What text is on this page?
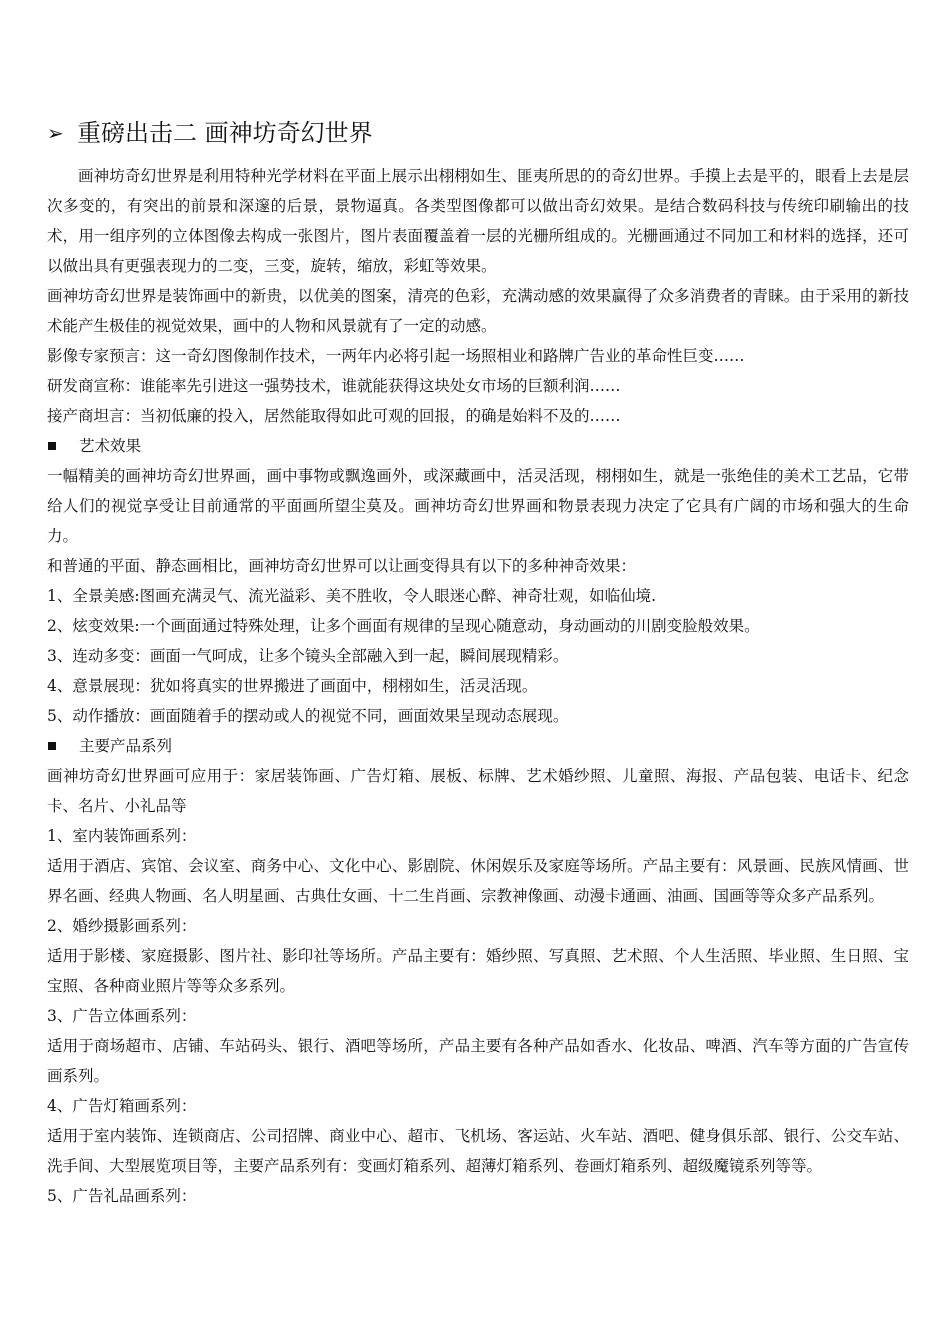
➢ 重磅出击二 画神坊奇幻世界

画神坊奇幻世界是利用特种光学材料在平面上展示出栩栩如生、匪夷所思的的奇幻世界。手摸上去是平的，眼看上去是层次多变的，有突出的前景和深邃的后景，景物逼真。各类型图像都可以做出奇幻效果。是结合数码科技与传统印刷输出的技术，用一组序列的立体图像去构成一张图片，图片表面覆盖着一层的光栅所组成的。光栅画通过不同加工和材料的选择，还可以做出具有更强表现力的二变，三变，旋转，缩放，彩虹等效果。

画神坊奇幻世界是装饰画中的新贵，以优美的图案，清亮的色彩，充满动感的效果赢得了众多消费者的青睐。由于采用的新技术能产生极佳的视觉效果，画中的人物和风景就有了一定的动感。

影像专家预言：这一奇幻图像制作技术，一两年内必将引起一场照相业和路牌广告业的革命性巨变……

研发商宣称：谁能率先引进这一强势技术，谁就能获得这块处女市场的巨额利润……

接产商坦言：当初低廉的投入，居然能取得如此可观的回报，的确是始料不及的……

艺术效果

一幅精美的画神坊奇幻世界画，画中事物或飘逸画外，或深藏画中，活灵活现，栩栩如生，就是一张绝佳的美术工艺品，它带给人们的视觉享受让目前通常的平面画所望尘莫及。画神坊奇幻世界画和物景表现力决定了它具有广阔的市场和强大的生命力。

和普通的平面、静态画相比，画神坊奇幻世界可以让画变得具有以下的多种神奇效果：

1、全景美感:图画充满灵气、流光溢彩、美不胜收，令人眼迷心醉、神奇壮观，如临仙境.

2、炫变效果:一个画面通过特殊处理，让多个画面有规律的呈现心随意动，身动画动的川剧变脸般效果。

3、连动多变：画面一气呵成，让多个镜头全部融入到一起，瞬间展现精彩。

4、意景展现：犹如将真实的世界搬进了画面中，栩栩如生，活灵活现。

5、动作播放：画面随着手的摆动或人的视觉不同，画面效果呈现动态展现。

主要产品系列

画神坊奇幻世界画可应用于：家居装饰画、广告灯箱、展板、标牌、艺术婚纱照、儿童照、海报、产品包装、电话卡、纪念卡、名片、小礼品等

1、室内装饰画系列：

适用于酒店、宾馆、会议室、商务中心、文化中心、影剧院、休闲娱乐及家庭等场所。产品主要有：风景画、民族风情画、世界名画、经典人物画、名人明星画、古典仕女画、十二生肖画、宗教神像画、动漫卡通画、油画、国画等等众多产品系列。

2、婚纱摄影画系列：

适用于影楼、家庭摄影、图片社、影印社等场所。产品主要有：婚纱照、写真照、艺术照、个人生活照、毕业照、生日照、宝宝照、各种商业照片等等众多系列。

3、广告立体画系列：

适用于商场超市、店铺、车站码头、银行、酒吧等场所，产品主要有各种产品如香水、化妆品、啤酒、汽车等方面的广告宣传画系列。

4、广告灯箱画系列：

适用于室内装饰、连锁商店、公司招牌、商业中心、超市、飞机场、客运站、火车站、酒吧、健身俱乐部、银行、公交车站、洗手间、大型展览项目等，主要产品系列有：变画灯箱系列、超薄灯箱系列、卷画灯箱系列、超级魔镜系列等等。

5、广告礼品画系列：
